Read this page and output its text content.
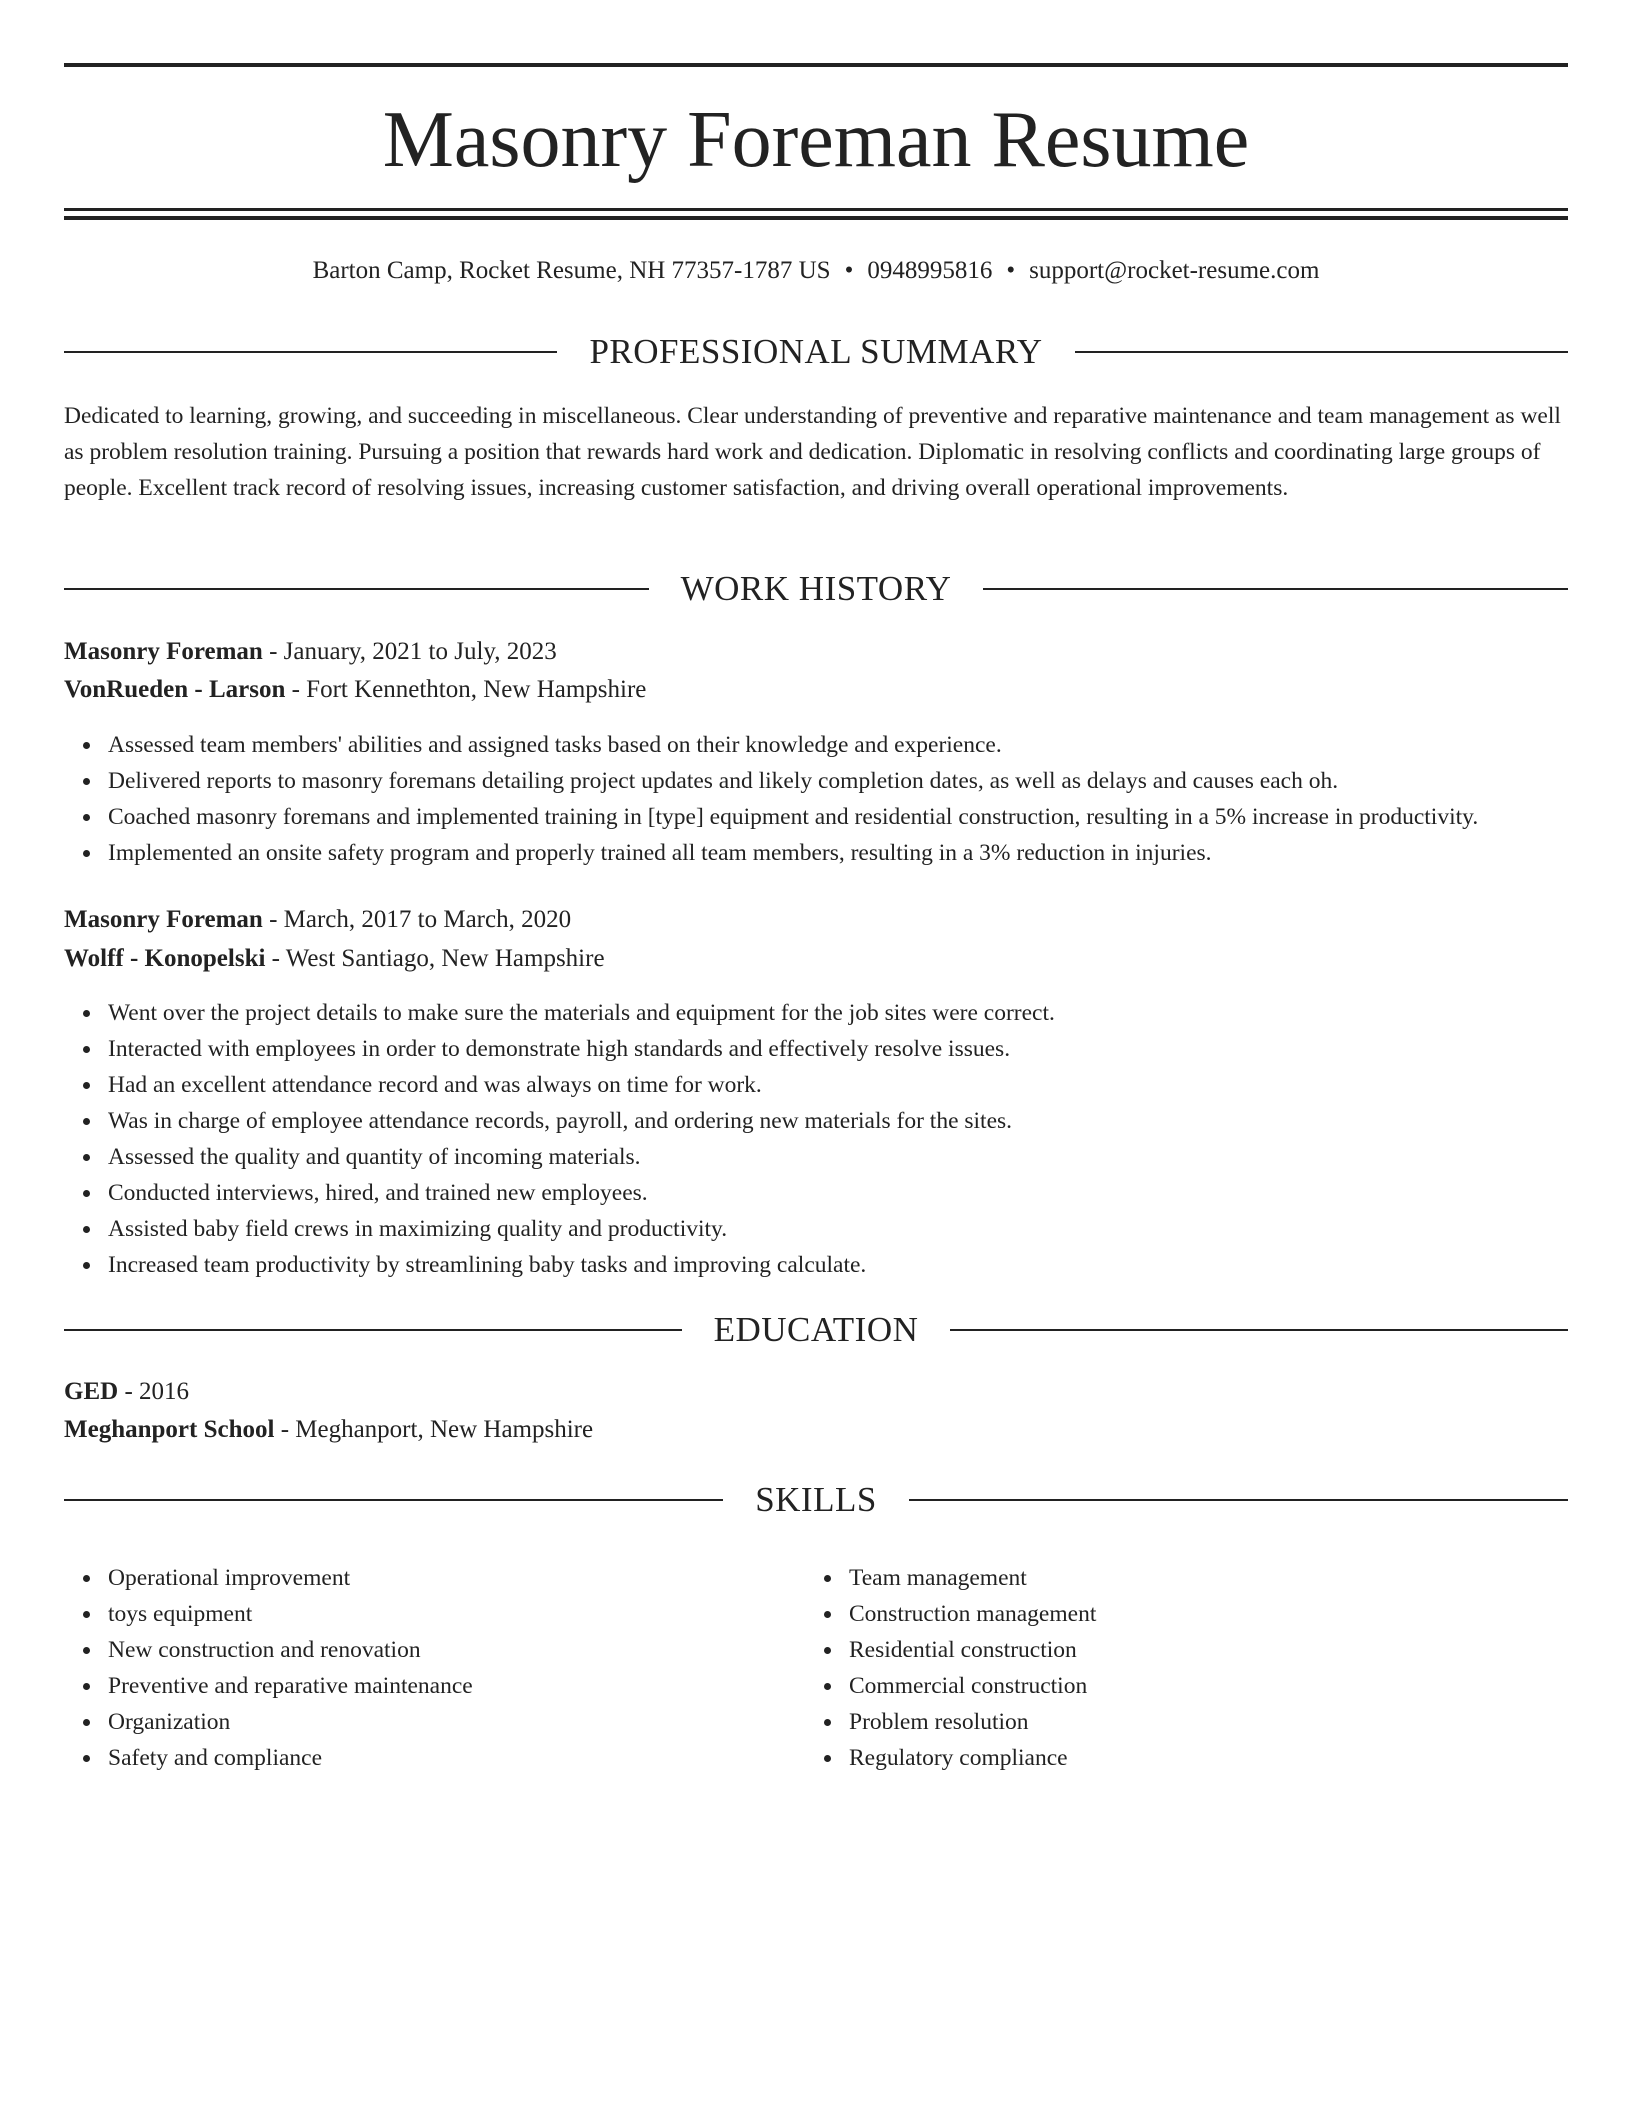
Masonry Foreman Resume
Barton Camp, Rocket Resume, NH 77357-1787 US • 0948995816 • support@rocket-resume.com
PROFESSIONAL SUMMARY

Dedicated to learning, growing, and succeeding in miscellaneous. Clear understanding of preventive and reparative maintenance and team management as well as problem resolution training. Pursuing a position that rewards hard work and dedication. Diplomatic in resolving conflicts and coordinating large groups of people. Excellent track record of resolving issues, increasing customer satisfaction, and driving overall operational improvements.

WORK HISTORY
Masonry Foreman - January, 2021 to July, 2023
VonRueden - Larson - Fort Kennethton, New Hampshire
Assessed team members' abilities and assigned tasks based on their knowledge and experience.
Delivered reports to masonry foremans detailing project updates and likely completion dates, as well as delays and causes each oh.
Coached masonry foremans and implemented training in [type] equipment and residential construction, resulting in a 5% increase in productivity.
Implemented an onsite safety program and properly trained all team members, resulting in a 3% reduction in injuries.
Masonry Foreman - March, 2017 to March, 2020
Wolff - Konopelski - West Santiago, New Hampshire
Went over the project details to make sure the materials and equipment for the job sites were correct.
Interacted with employees in order to demonstrate high standards and effectively resolve issues.
Had an excellent attendance record and was always on time for work.
Was in charge of employee attendance records, payroll, and ordering new materials for the sites.
Assessed the quality and quantity of incoming materials.
Conducted interviews, hired, and trained new employees.
Assisted baby field crews in maximizing quality and productivity.
Increased team productivity by streamlining baby tasks and improving calculate.
EDUCATION
GED - 2016
Meghanport School - Meghanport, New Hampshire
SKILLS
Operational improvement
toys equipment
New construction and renovation
Preventive and reparative maintenance
Organization
Safety and compliance
Team management
Construction management
Residential construction
Commercial construction
Problem resolution
Regulatory compliance
